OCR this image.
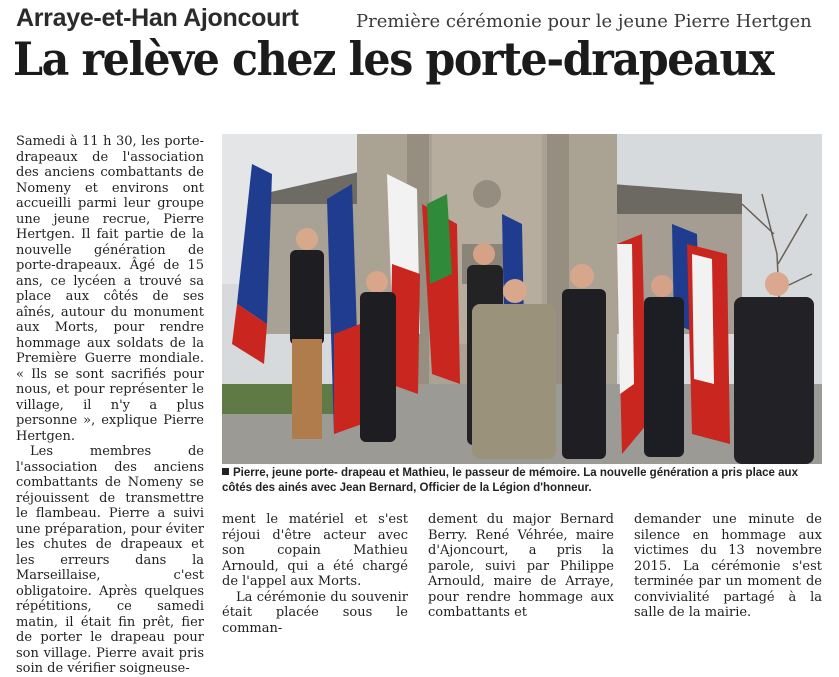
Arraye-et-Han Ajoncourt	Première cérémonie pour le jeune Pierre Hertgen
La relève chez les porte-drapeaux

Samedi à 11 h 30, les porte-drapeaux de l'association des anciens combattants de Nomeny et environs ont accueilli parmi leur groupe une jeune recrue, Pierre Hertgen. Il fait partie de la nouvelle génération de porte-drapeaux. Âgé de 15 ans, ce lycéen a trouvé sa place aux côtés de ses aînés, autour du monument aux Morts, pour rendre hommage aux soldats de la Première Guerre mondiale. « Ils se sont sacrifiés pour nous, et pour représenter le village, il n'y a plus personne », explique Pierre Hertgen.

Les membres de l'association des anciens combattants de Nomeny se réjouissent de transmettre le flambeau. Pierre a suivi une préparation, pour éviter les chutes de drapeaux et les erreurs dans la Marseillaise, c'est obligatoire. Après quelques répétitions, ce samedi matin, il était fin prêt, fier de porter le drapeau pour son village. Pierre avait pris soin de vérifier soigneuse-

Pierre, jeune porte- drapeau et Mathieu, le passeur de mémoire. La nouvelle génération a pris place aux côtés des ainés avec Jean Bernard, Officier de la Légion d'honneur.

ment le matériel et s'est réjoui d'être acteur avec son copain Mathieu Arnould, qui a été chargé de l'appel aux Morts.

La cérémonie du souvenir était placée sous le comman-

dement du major Bernard Berry. René Véhrée, maire d'Ajoncourt, a pris la parole, suivi par Philippe Arnould, maire de Arraye, pour rendre hommage aux combattants et

demander une minute de silence en hommage aux victimes du 13 novembre 2015. La cérémonie s'est terminée par un moment de convivialité partagé à la salle de la mairie.
